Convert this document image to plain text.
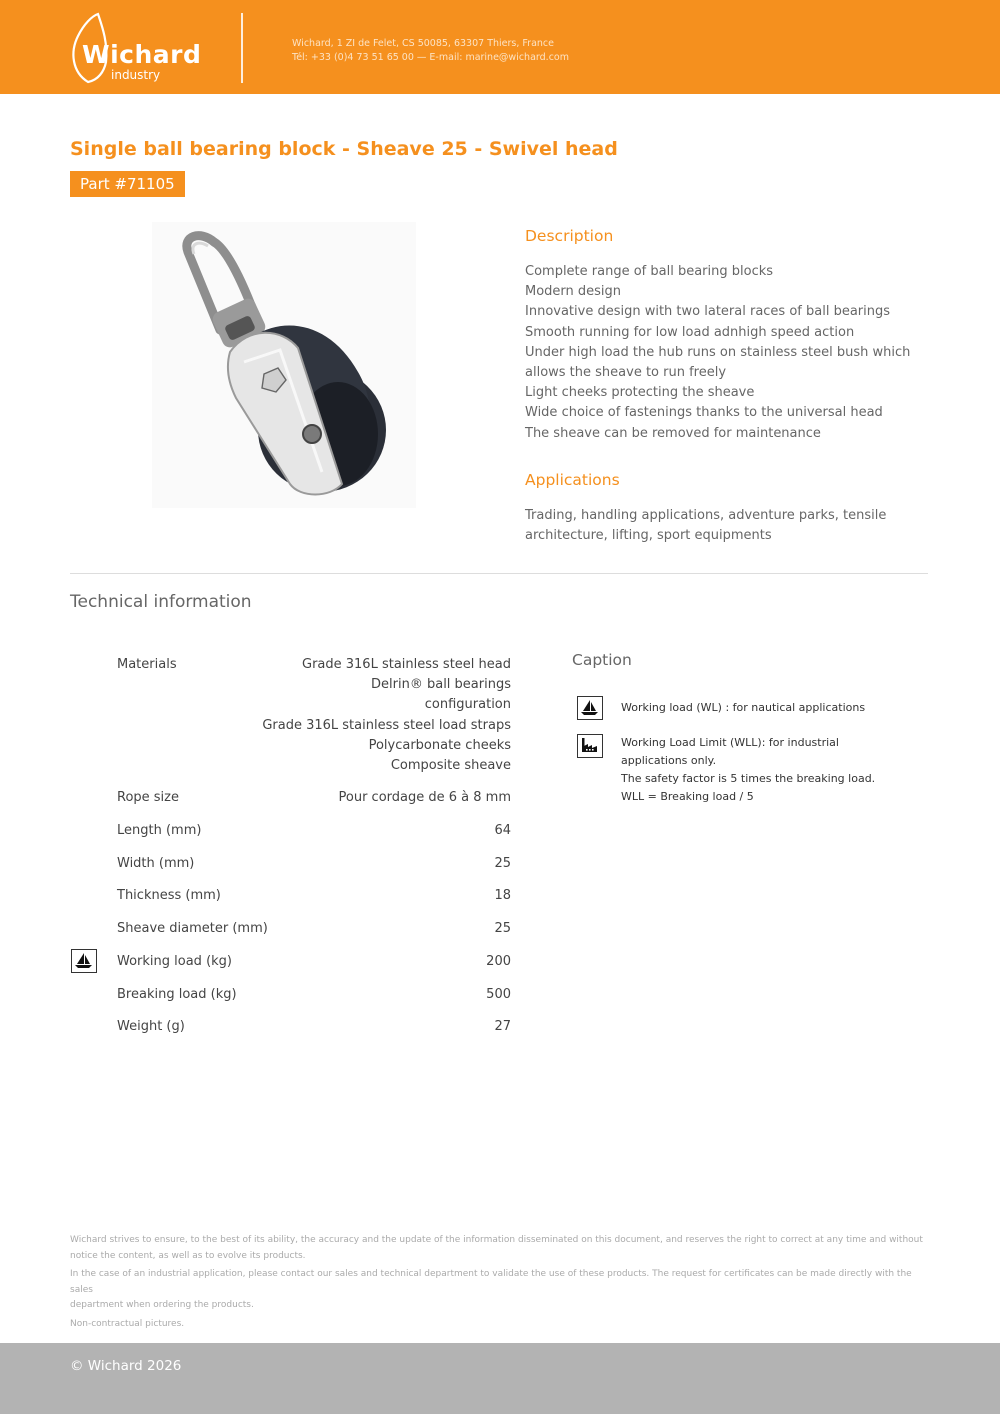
Wichard
industry
Wichard, 1 ZI de Felet, CS 50085, 63307 Thiers, France
Tél: +33 (0)4 73 51 65 00 — E-mail: marine@wichard.com
Single ball bearing block - Sheave 25 - Swivel head
Part #71105
Description
Complete range of ball bearing blocks
Modern design
Innovative design with two lateral races of ball bearings
Smooth running for low load adnhigh speed action
Under high load the hub runs on stainless steel bush which
allows the sheave to run freely
Light cheeks protecting the sheave
Wide choice of fastenings thanks to the universal head
The sheave can be removed for maintenance
Applications
Trading, handling applications, adventure parks, tensile
architecture, lifting, sport equipments
Technical information
Materials	Grade 316L stainless steel head
Delrin® ball bearings
configuration
Grade 316L stainless steel load straps
Polycarbonate cheeks
Composite sheave
Rope size	Pour cordage de 6 à 8 mm
Length (mm)	64
Width (mm)	25
Thickness (mm)	18
Sheave diameter (mm)	25
Working load (kg)	200
Breaking load (kg)	500
Weight (g)	27
Caption
Working load (WL) : for nautical applications
Working Load Limit (WLL): for industrial
applications only.
The safety factor is 5 times the breaking load.
WLL = Breaking load / 5

Wichard strives to ensure, to the best of its ability, the accuracy and the update of the information disseminated on this document, and reserves the right to correct at any time and without
notice the content, as well as to evolve its products.

In the case of an industrial application, please contact our sales and technical department to validate the use of these products. The request for certificates can be made directly with the sales
department when ordering the products.

Non-contractual pictures.

© Wichard 2026
